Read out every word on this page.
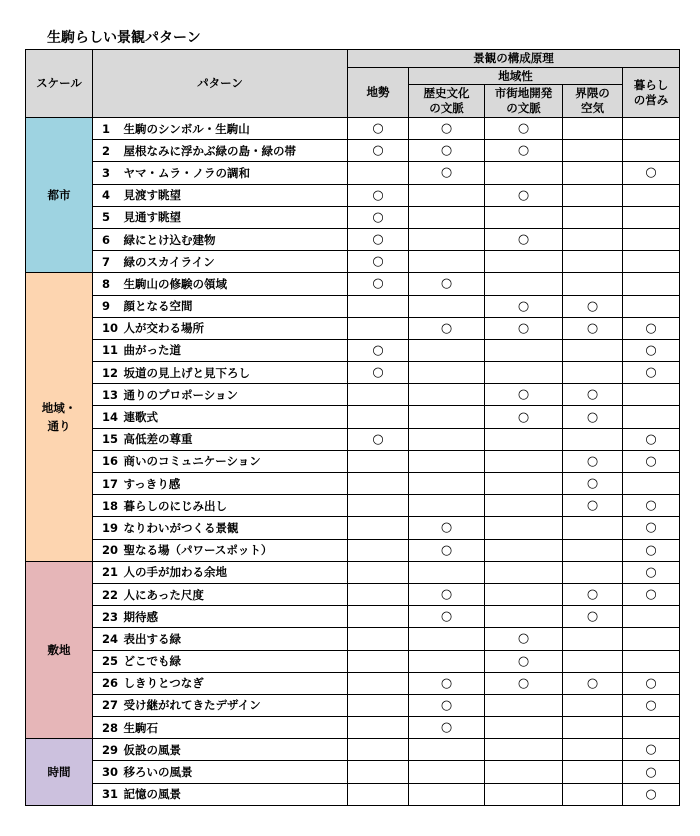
生駒らしい景観パターン
スケール	パターン		景観の構成原理				
			地勢	地域性			暮らし
の営み

				歴史文化
の文脈	市街地開発
の文脈	界隈の
空気	

都市	1	生駒のシンボル・生駒山	○	○	○		
	2	屋根なみに浮かぶ緑の島・緑の帯	○	○	○		
	3	ヤマ・ムラ・ノラの調和		○			○
	4	見渡す眺望	○		○		
	5	見通す眺望	○				
	6	緑にとけ込む建物	○		○		
	7	緑のスカイライン	○				

地域・
通り	8	生駒山の修験の領域	○	○			
	9	顔となる空間			○	○	
	10	人が交わる場所		○	○	○	○
	11	曲がった道	○				○
	12	坂道の見上げと見下ろし	○				○
	13	通りのプロポーション			○	○	
	14	連歌式			○	○	
	15	高低差の尊重	○				○
	16	商いのコミュニケーション				○	○
	17	すっきり感				○	
	18	暮らしのにじみ出し				○	○
	19	なりわいがつくる景観		○			○
	20	聖なる場（パワースポット）		○			○

敷地	21	人の手が加わる余地					○
	22	人にあった尺度		○		○	○
	23	期待感		○		○	
	24	表出する緑			○		
	25	どこでも緑			○		
	26	しきりとつなぎ		○	○	○	○
	27	受け継がれてきたデザイン		○			○
	28	生駒石		○			

時間	29	仮設の風景					○
	30	移ろいの風景					○
	31	記憶の風景					○
